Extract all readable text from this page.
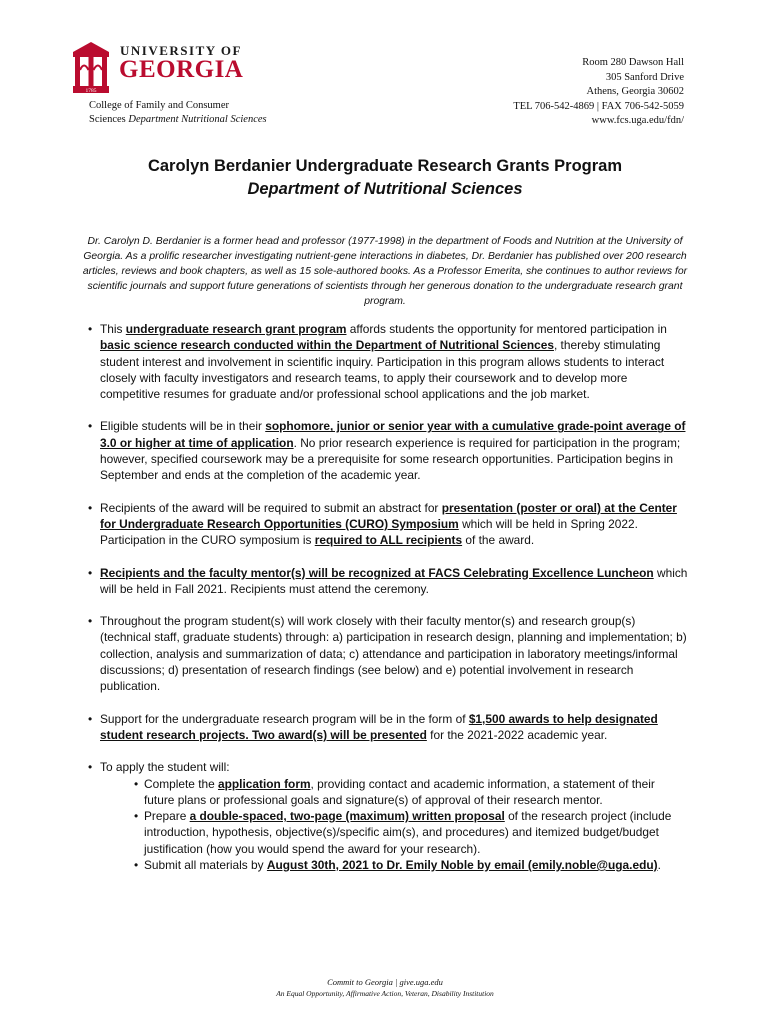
1785
UNIVERSITY OF
GEORGIA
College of Family and Consumer
Sciences Department Nutritional Sciences
Room 280 Dawson Hall
305 Sanford Drive
Athens, Georgia 30602
TEL 706-542-4869 | FAX 706-542-5059
www.fcs.uga.edu/fdn/
Carolyn Berdanier Undergraduate Research Grants Program
Department of Nutritional Sciences
Dr. Carolyn D. Berdanier is a former head and professor (1977-1998) in the department of Foods and Nutrition at the University of Georgia. As a prolific researcher investigating nutrient-gene interactions in diabetes, Dr. Berdanier has published over 200 research articles, reviews and book chapters, as well as 15 sole-authored books. As a Professor Emerita, she continues to author reviews for scientific journals and support future generations of scientists through her generous donation to the undergraduate research grant program.
• This undergraduate research grant program affords students the opportunity for mentored participation in basic science research conducted within the Department of Nutritional Sciences, thereby stimulating student interest and involvement in scientific inquiry. Participation in this program allows students to interact closely with faculty investigators and research teams, to apply their coursework and to develop more competitive resumes for graduate and/or professional school applications and the job market.
• Eligible students will be in their sophomore, junior or senior year with a cumulative grade-point average of 3.0 or higher at time of application. No prior research experience is required for participation in the program; however, specified coursework may be a prerequisite for some research opportunities. Participation begins in September and ends at the completion of the academic year.
• Recipients of the award will be required to submit an abstract for presentation (poster or oral) at the Center for Undergraduate Research Opportunities (CURO) Symposium which will be held in Spring 2022. Participation in the CURO symposium is required to ALL recipients of the award.
• Recipients and the faculty mentor(s) will be recognized at FACS Celebrating Excellence Luncheon which will be held in Fall 2021. Recipients must attend the ceremony.
• Throughout the program student(s) will work closely with their faculty mentor(s) and research group(s) (technical staff, graduate students) through: a) participation in research design, planning and implementation; b) collection, analysis and summarization of data; c) attendance and participation in laboratory meetings/informal discussions; d) presentation of research findings (see below) and e) potential involvement in research publication.
• Support for the undergraduate research program will be in the form of $1,500 awards to help designated student research projects. Two award(s) will be presented for the 2021-2022 academic year.
• To apply the student will:
• Complete the application form, providing contact and academic information, a statement of their future plans or professional goals and signature(s) of approval of their research mentor.
• Prepare a double-spaced, two-page (maximum) written proposal of the research project (include introduction, hypothesis, objective(s)/specific aim(s), and procedures) and itemized budget/budget justification (how you would spend the award for your research).
• Submit all materials by August 30th, 2021 to Dr. Emily Noble by email (emily.noble@uga.edu).
Commit to Georgia | give.uga.edu
An Equal Opportunity, Affirmative Action, Veteran, Disability Institution
